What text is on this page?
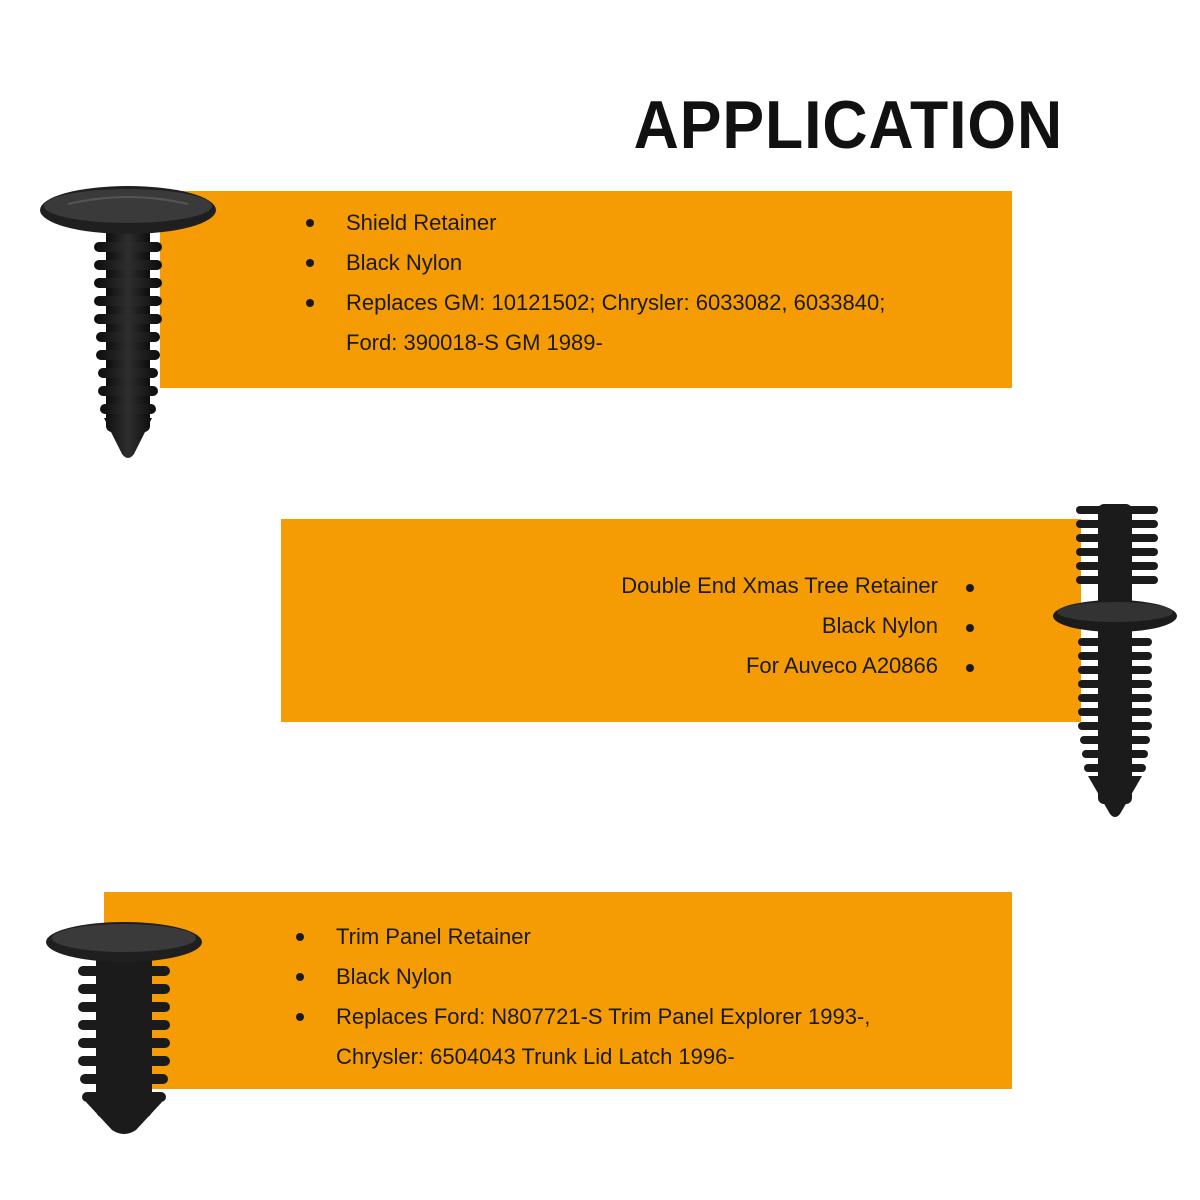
APPLICATION
Shield Retainer
Black Nylon
Replaces GM: 10121502; Chrysler: 6033082, 6033840;
Ford: 390018-S GM 1989-
Double End Xmas Tree Retainer
Black Nylon
For Auveco A20866
Trim Panel Retainer
Black Nylon
Replaces Ford: N807721-S Trim Panel Explorer 1993-,
Chrysler: 6504043 Trunk Lid Latch 1996-
